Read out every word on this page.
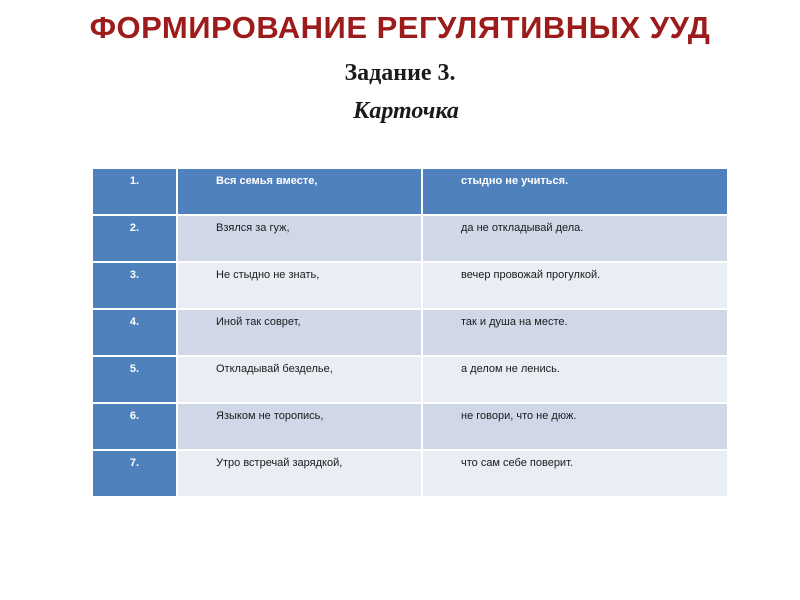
ФОРМИРОВАНИЕ РЕГУЛЯТИВНЫХ УУД
Задание 3.
Карточка
1.	Вся семья вместе,	стыдно не учиться.
2.	Взялся за гуж,	да не откладывай дела.
3.	Не стыдно не знать,	вечер провожай прогулкой.
4.	Иной так соврет,	так и душа на месте.
5.	Откладывай безделье,	а делом не ленись.
6.	Языком не торопись,	не говори, что не дюж.
7.	Утро встречай зарядкой,	что сам себе поверит.
